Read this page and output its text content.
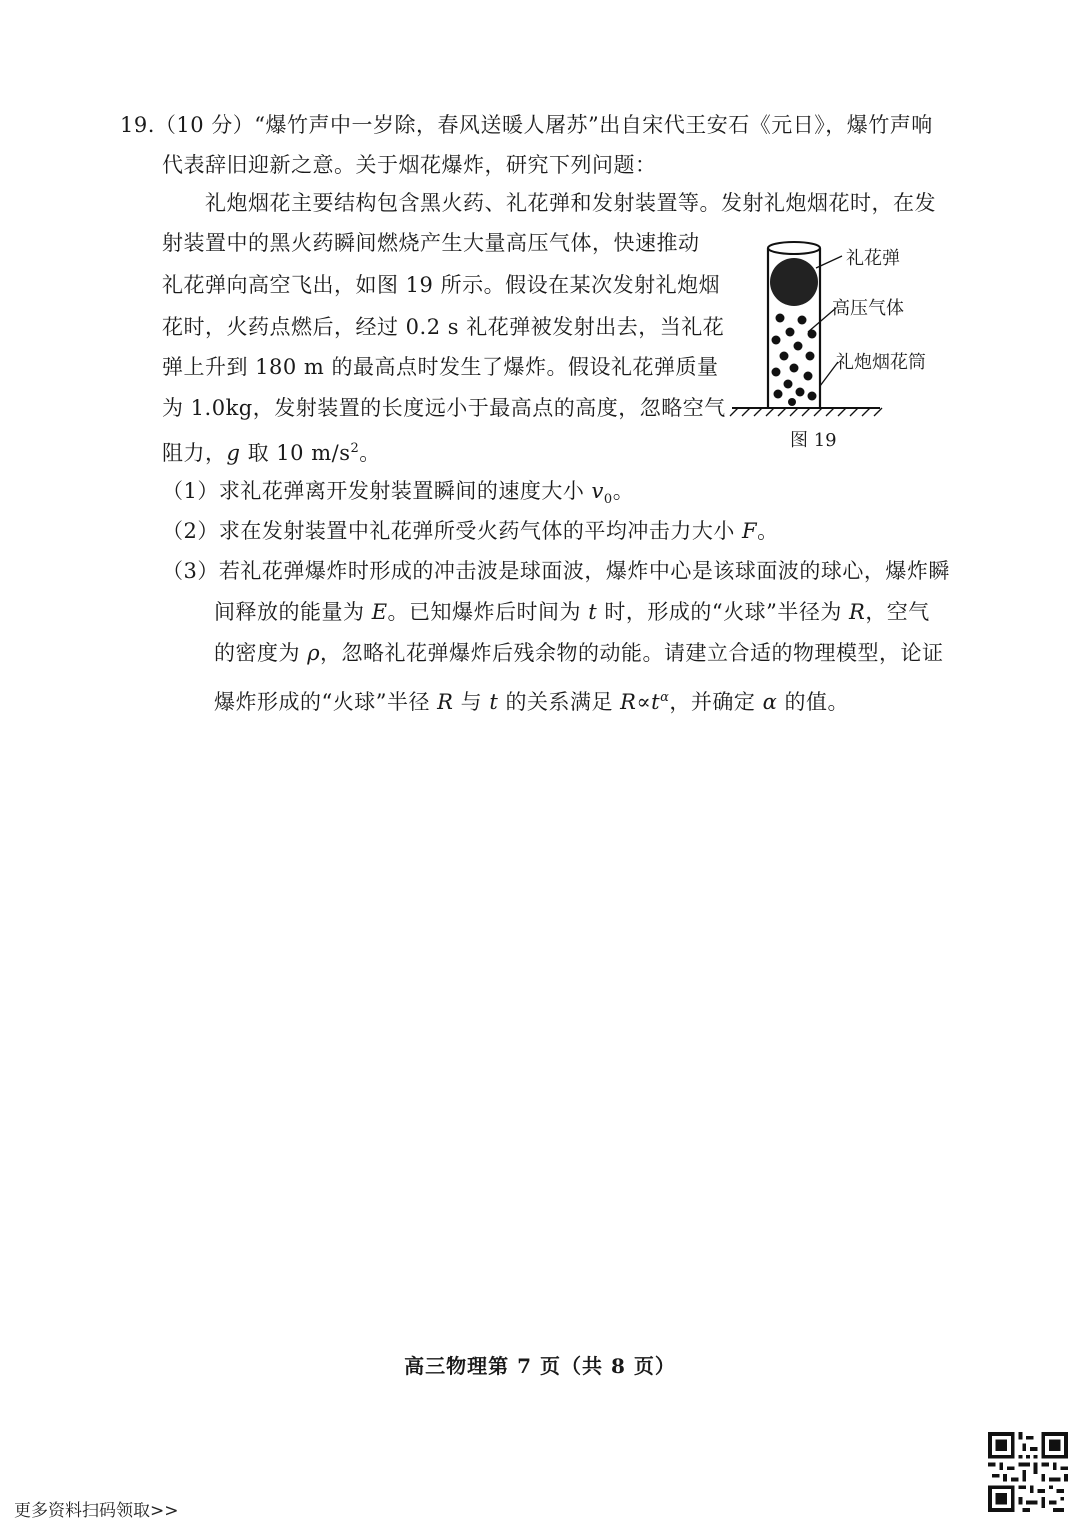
19.（10 分）“爆竹声中一岁除，春风送暖人屠苏”出自宋代王安石《元日》，爆竹声响
代表辞旧迎新之意。关于烟花爆炸，研究下列问题：
礼炮烟花主要结构包含黑火药、礼花弹和发射装置等。发射礼炮烟花时，在发
射装置中的黑火药瞬间燃烧产生大量高压气体，快速推动
礼花弹向高空飞出，如图 19 所示。假设在某次发射礼炮烟
花时，火药点燃后，经过 0.2 s 礼花弹被发射出去，当礼花
弹上升到 180 m 的最高点时发生了爆炸。假设礼花弹质量
为 1.0kg，发射装置的长度远小于最高点的高度，忽略空气
阻力，g 取 10 $m/s^2$。
（1）求礼花弹离开发射装置瞬间的速度大小 $v_0$。
（2）求在发射装置中礼花弹所受火药气体的平均冲击力大小 F。
（3）若礼花弹爆炸时形成的冲击波是球面波，爆炸中心是该球面波的球心，爆炸瞬
间释放的能量为 E。已知爆炸后时间为 t 时，形成的“火球”半径为 R，空气
的密度为 ρ，忽略礼花弹爆炸后残余物的动能。请建立合适的物理模型，论证
爆炸形成的“火球”半径 R 与 t 的关系满足 $R\propto t^\alpha$，并确定 α 的值。
礼花弹
高压气体
礼炮烟花筒
图 19
高三物理第 7 页（共 8 页）
更多资料扫码领取>>
